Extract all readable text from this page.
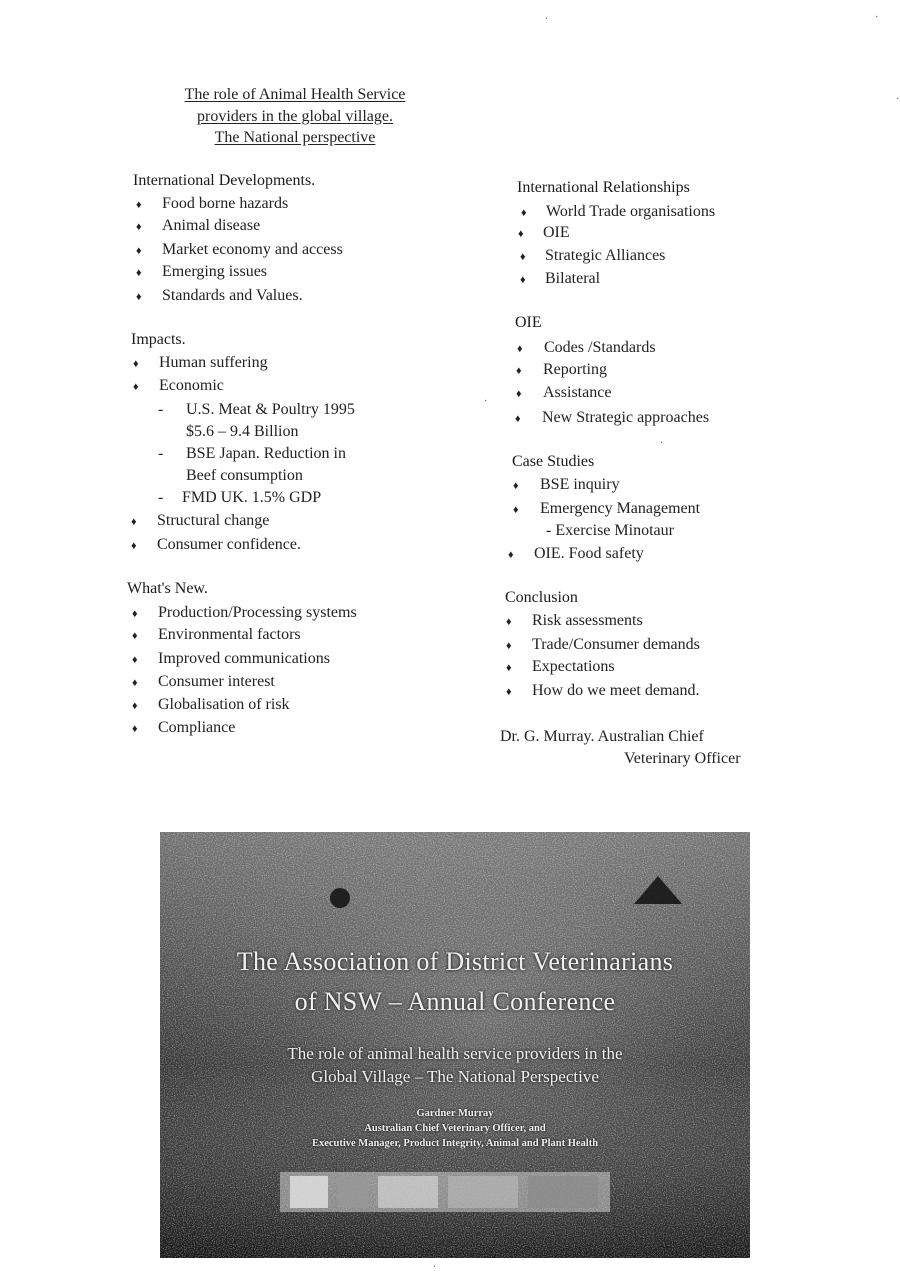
The role of Animal Health Service
providers in the global village.
The National perspective
International Developments.
♦ Food borne hazards
♦ Animal disease
♦ Market economy and access
♦ Emerging issues
♦ Standards and Values.
Impacts.
♦ Human suffering
♦ Economic
- U.S. Meat & Poultry 1995
$5.6 – 9.4 Billion
- BSE Japan. Reduction in
Beef consumption
- FMD UK. 1.5% GDP
♦ Structural change
♦ Consumer confidence.
What's New.
♦ Production/Processing systems
♦ Environmental factors
♦ Improved communications
♦ Consumer interest
♦ Globalisation of risk
♦ Compliance
International Relationships
♦ World Trade organisations
♦ OIE
♦ Strategic Alliances
♦ Bilateral
OIE
♦ Codes /Standards
♦ Reporting
♦ Assistance
♦ New Strategic approaches
Case Studies
♦ BSE inquiry
♦ Emergency Management
- Exercise Minotaur
♦ OIE. Food safety
Conclusion
♦ Risk assessments
♦ Trade/Consumer demands
♦ Expectations
♦ How do we meet demand.
Dr. G. Murray. Australian Chief
Veterinary Officer
·	·
·
·
·
·
The Association of District Veterinarians
of NSW – Annual Conference
The role of animal health service providers in the
Global Village – The National Perspective
Gardner Murray
Australian Chief Veterinary Officer, and
Executive Manager, Product Integrity, Animal and Plant Health
